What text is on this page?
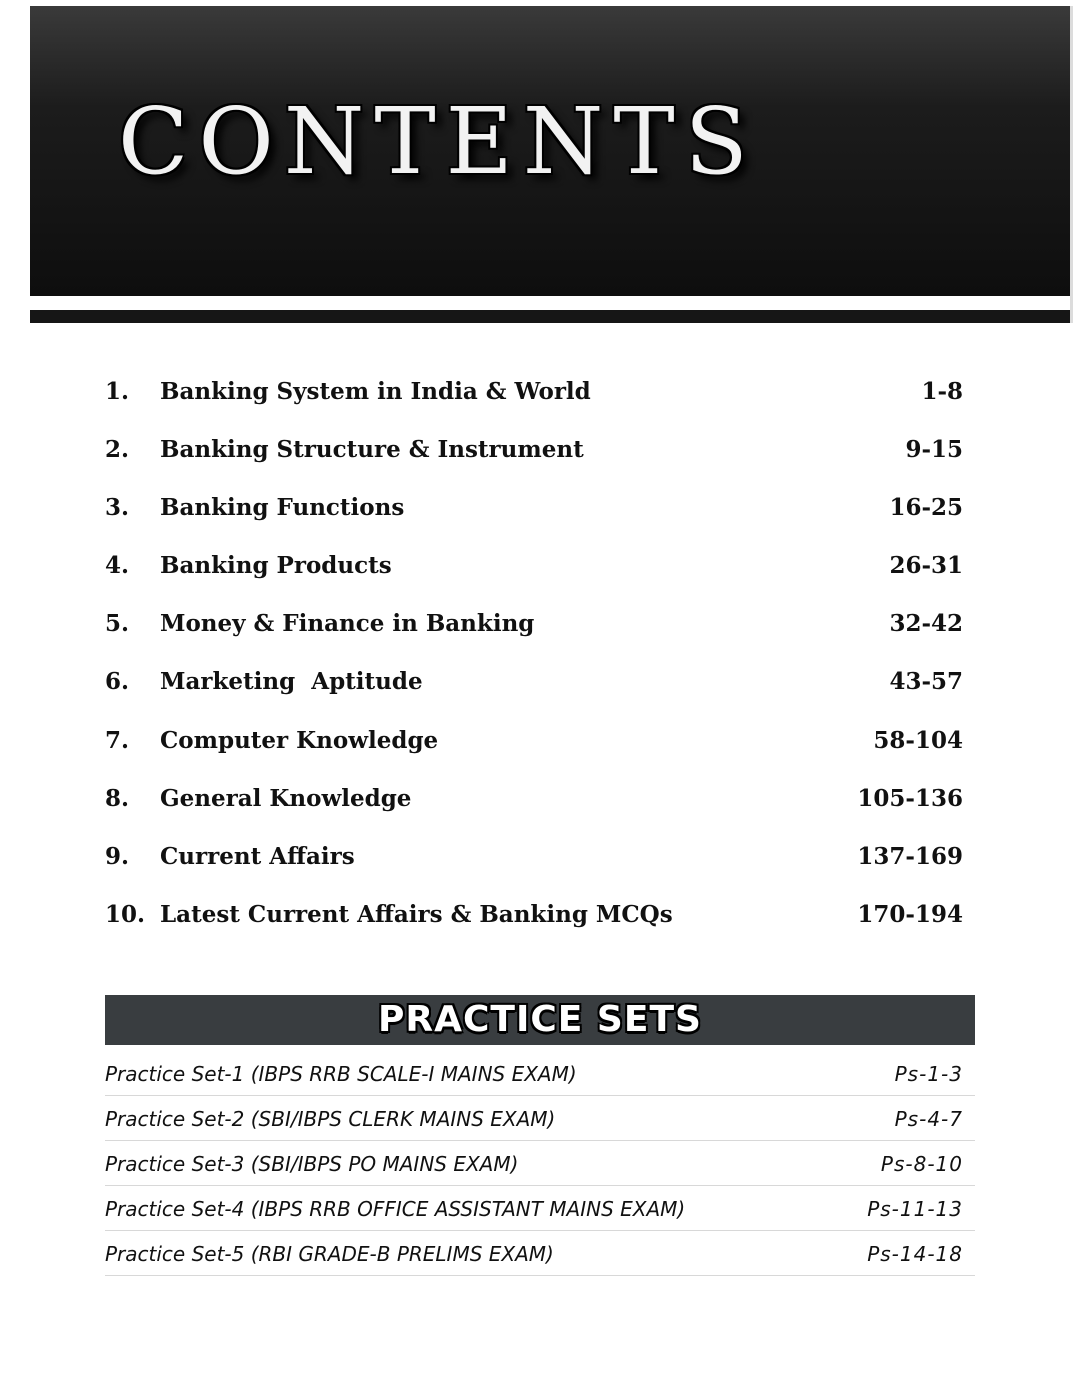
CONTENTS
1. Banking System in India & World	1-8
2. Banking Structure & Instrument	9-15
3. Banking Functions	16-25
4. Banking Products	26-31
5. Money & Finance in Banking	32-42
6. Marketing  Aptitude	43-57
7. Computer Knowledge	58-104
8. General Knowledge	105-136
9. Current Affairs	137-169
10. Latest Current Affairs & Banking MCQs	170-194
PRACTICE SETS
Practice Set-1 (IBPS RRB SCALE-I MAINS EXAM)	Ps-1-3
Practice Set-2 (SBI/IBPS CLERK MAINS EXAM)	Ps-4-7
Practice Set-3 (SBI/IBPS PO MAINS EXAM)	Ps-8-10
Practice Set-4 (IBPS RRB OFFICE ASSISTANT MAINS EXAM)	Ps-11-13
Practice Set-5 (RBI GRADE-B PRELIMS EXAM)	Ps-14-18
